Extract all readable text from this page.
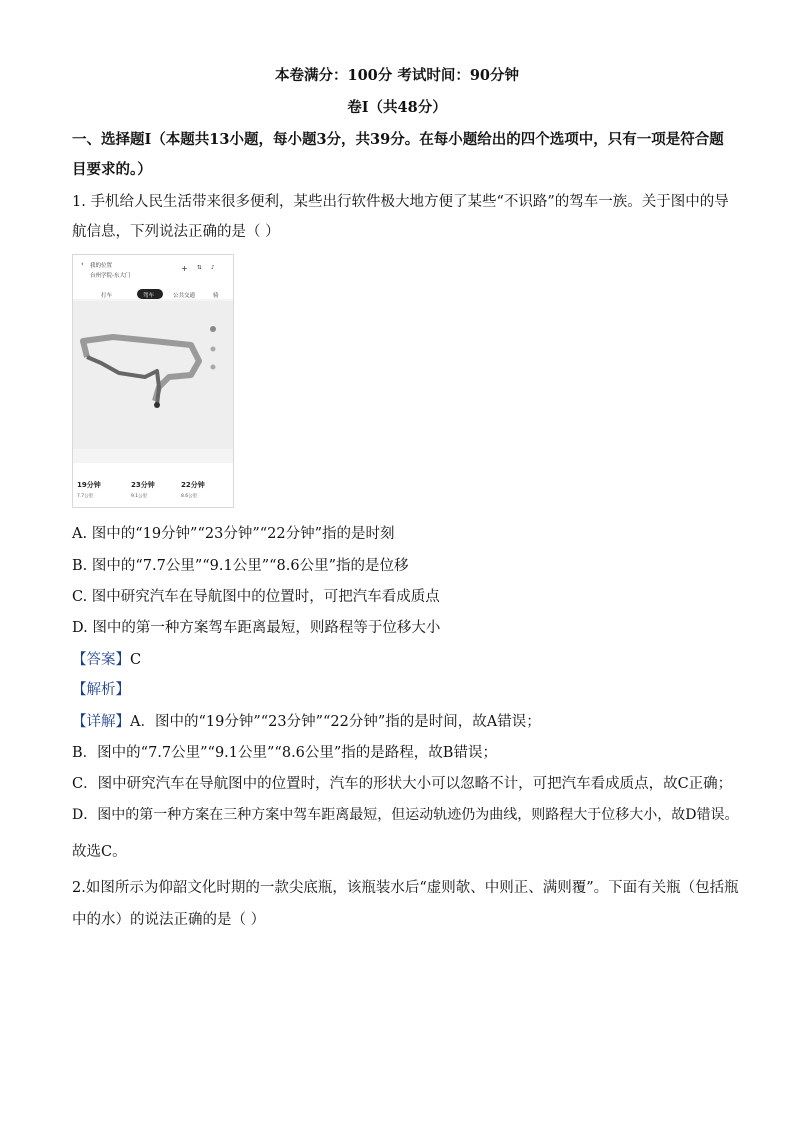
本卷满分：100分 考试时间：90分钟
卷Ⅰ（共48分）
一、选择题Ⅰ（本题共13小题，每小题3分，共39分。在每小题给出的四个选项中，只有一项是符合题
目要求的。）
1. 手机给人民生活带来很多便利，某些出行软件极大地方便了某些“不识路”的驾车一族。关于图中的导
航信息，下列说法正确的是（ ）
‹ 我的位置
台州学院-东大门
+ ⇅ ♪
打车	驾车	公共交通	骑
19分钟
7.7公里
23分钟
9.1公里
22分钟
8.6公里
A. 图中的“19分钟”“23分钟”“22分钟”指的是时刻
B. 图中的“7.7公里”“9.1公里”“8.6公里”指的是位移
C. 图中研究汽车在导航图中的位置时，可把汽车看成质点
D. 图中的第一种方案驾车距离最短，则路程等于位移大小
【答案】C
【解析】
【详解】A．图中的“19分钟”“23分钟”“22分钟”指的是时间，故A错误；
B．图中的“7.7公里”“9.1公里”“8.6公里”指的是路程，故B错误；
C．图中研究汽车在导航图中的位置时，汽车的形状大小可以忽略不计，可把汽车看成质点，故C正确；
D．图中的第一种方案在三种方案中驾车距离最短，但运动轨迹仍为曲线，则路程大于位移大小，故D错误。
故选C。
2.如图所示为仰韶文化时期的一款尖底瓶，该瓶装水后“虚则欹、中则正、满则覆”。下面有关瓶（包括瓶
中的水）的说法正确的是（ ）
